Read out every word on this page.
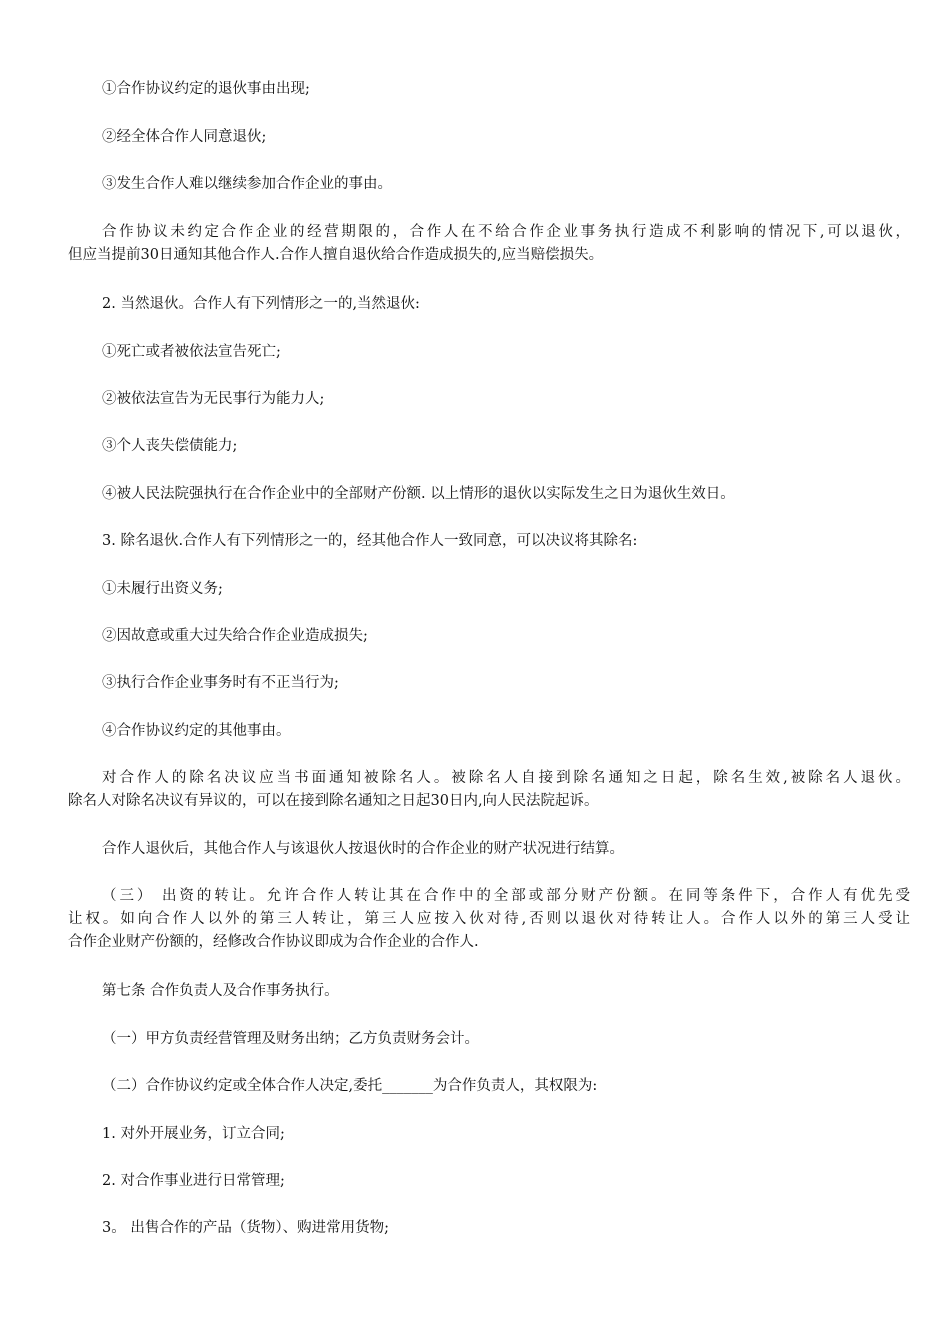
①合作协议约定的退伙事由出现;

②经全体合作人同意退伙;

③发生合作人难以继续参加合作企业的事由。

合作协议未约定合作企业的经营期限的，合作人在不给合作企业事务执行造成不利影响的情况下,可以退伙，
但应当提前30日通知其他合作人.合作人擅自退伙给合作造成损失的,应当赔偿损失。

2. 当然退伙。合作人有下列情形之一的,当然退伙:

①死亡或者被依法宣告死亡;

②被依法宣告为无民事行为能力人;

③个人丧失偿债能力;

④被人民法院强执行在合作企业中的全部财产份额. 以上情形的退伙以实际发生之日为退伙生效日。

3. 除名退伙.合作人有下列情形之一的，经其他合作人一致同意，可以决议将其除名:

①未履行出资义务;

②因故意或重大过失给合作企业造成损失;

③执行合作企业事务时有不正当行为;

④合作协议约定的其他事由。

对合作人的除名决议应当书面通知被除名人。被除名人自接到除名通知之日起，除名生效,被除名人退伙。
除名人对除名决议有异议的，可以在接到除名通知之日起30日内,向人民法院起诉。

合作人退伙后，其他合作人与该退伙人按退伙时的合作企业的财产状况进行结算。

（三） 出资的转让。允许合作人转让其在合作中的全部或部分财产份额。在同等条件下，合作人有优先受
让权。如向合作人以外的第三人转让，第三人应按入伙对待,否则以退伙对待转让人。合作人以外的第三人受让
合作企业财产份额的，经修改合作协议即成为合作企业的合作人.

第七条 合作负责人及合作事务执行。

（一）甲方负责经营管理及财务出纳；乙方负责财务会计。

（二）合作协议约定或全体合作人决定,委托_______为合作负责人，其权限为:

1. 对外开展业务，订立合同;

2. 对合作事业进行日常管理;

3。 出售合作的产品（货物）、购进常用货物;
